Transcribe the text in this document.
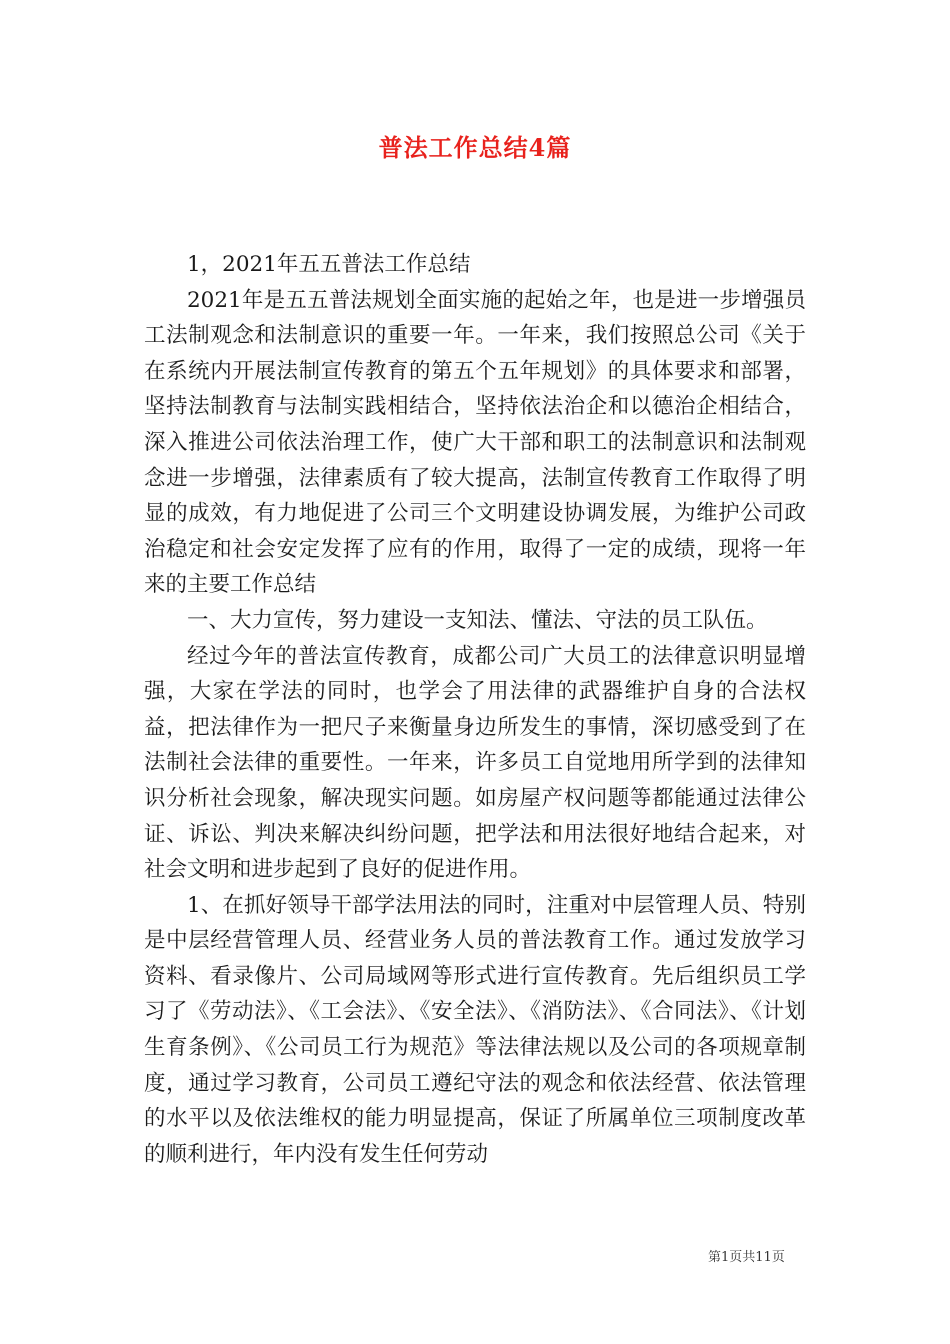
普法工作总结4篇

1，2021年五五普法工作总结

2021年是五五普法规划全面实施的起始之年，也是进一步增强员工法制观念和法制意识的重要一年。一年来，我们按照总公司《关于在系统内开展法制宣传教育的第五个五年规划》的具体要求和部署，坚持法制教育与法制实践相结合，坚持依法治企和以德治企相结合，深入推进公司依法治理工作，使广大干部和职工的法制意识和法制观念进一步增强，法律素质有了较大提高，法制宣传教育工作取得了明显的成效，有力地促进了公司三个文明建设协调发展，为维护公司政治稳定和社会安定发挥了应有的作用，取得了一定的成绩，现将一年来的主要工作总结

一、大力宣传，努力建设一支知法、懂法、守法的员工队伍。

经过今年的普法宣传教育，成都公司广大员工的法律意识明显增强，大家在学法的同时，也学会了用法律的武器维护自身的合法权益，把法律作为一把尺子来衡量身边所发生的事情，深切感受到了在法制社会法律的重要性。一年来，许多员工自觉地用所学到的法律知识分析社会现象，解决现实问题。如房屋产权问题等都能通过法律公证、诉讼、判决来解决纠纷问题，把学法和用法很好地结合起来，对社会文明和进步起到了良好的促进作用。

1、在抓好领导干部学法用法的同时，注重对中层管理人员、特别是中层经营管理人员、经营业务人员的普法教育工作。通过发放学习资料、看录像片、公司局域网等形式进行宣传教育。先后组织员工学习了《劳动法》、《工会法》、《安全法》、《消防法》、《合同法》、《计划生育条例》、《公司员工行为规范》等法律法规以及公司的各项规章制度，通过学习教育，公司员工遵纪守法的观念和依法经营、依法管理的水平以及依法维权的能力明显提高，保证了所属单位三项制度改革的顺利进行，年内没有发生任何劳动

第1页共11页
